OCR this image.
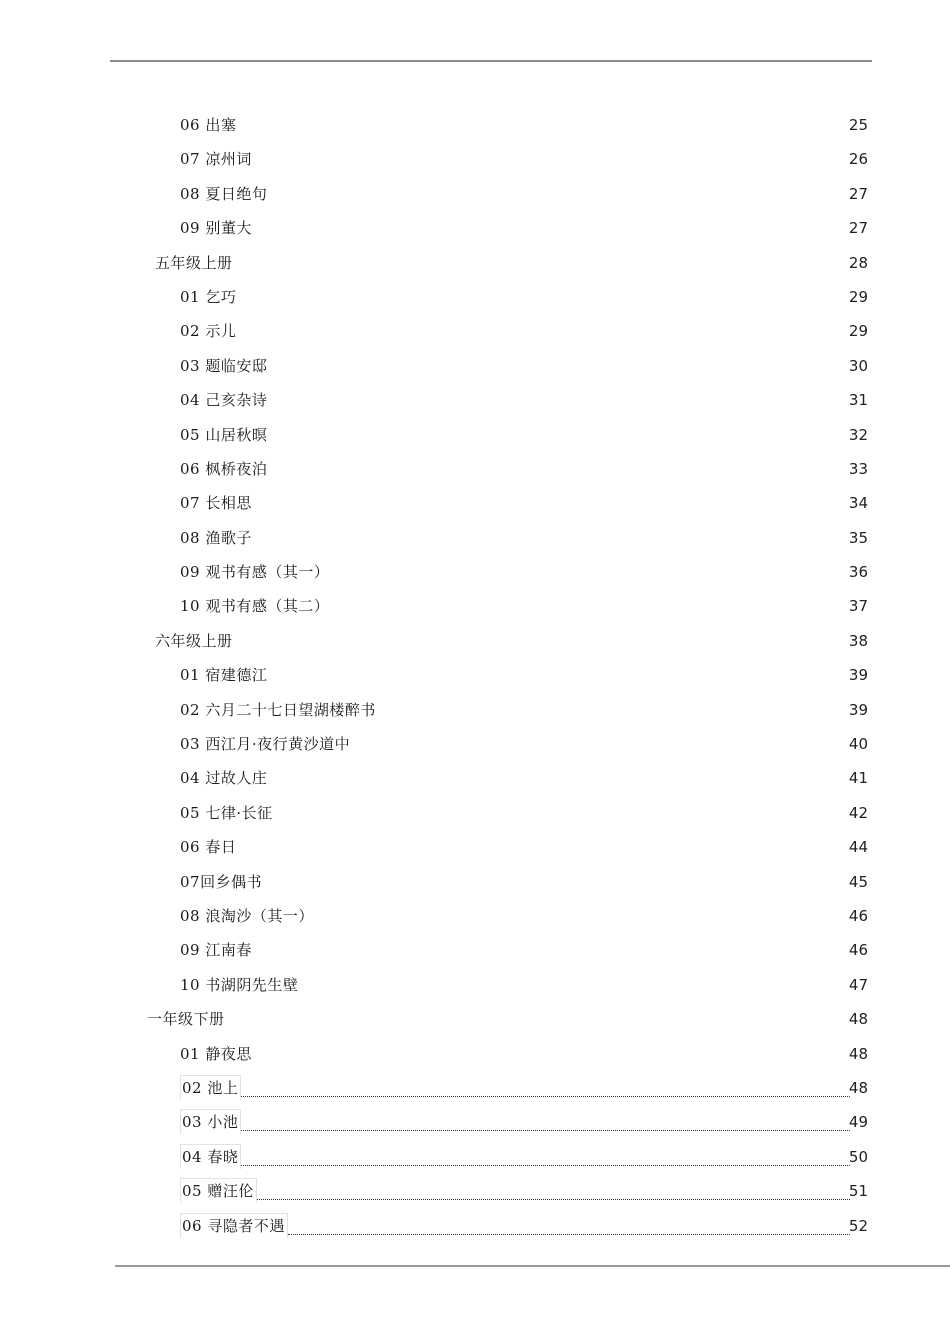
06 出塞	25
07 凉州词	26
08 夏日绝句	27
09 别董大	27
五年级上册	28
01 乞巧	29
02 示儿	29
03 题临安邸	30
04 己亥杂诗	31
05 山居秋暝	32
06 枫桥夜泊	33
07 长相思	34
08 渔歌子	35
09 观书有感（其一）	36
10 观书有感（其二）	37
六年级上册	38
01 宿建德江	39
02 六月二十七日望湖楼醉书	39
03 西江月·夜行黄沙道中	40
04 过故人庄	41
05 七律·长征	42
06 春日	44
07回乡偶书	45
08 浪淘沙（其一）	46
09 江南春	46
10 书湖阴先生壁	47
一年级下册	48
01 静夜思	48
02 池上	48
03 小池	49
04 春晓	50
05 赠汪伦	51
06 寻隐者不遇	52
